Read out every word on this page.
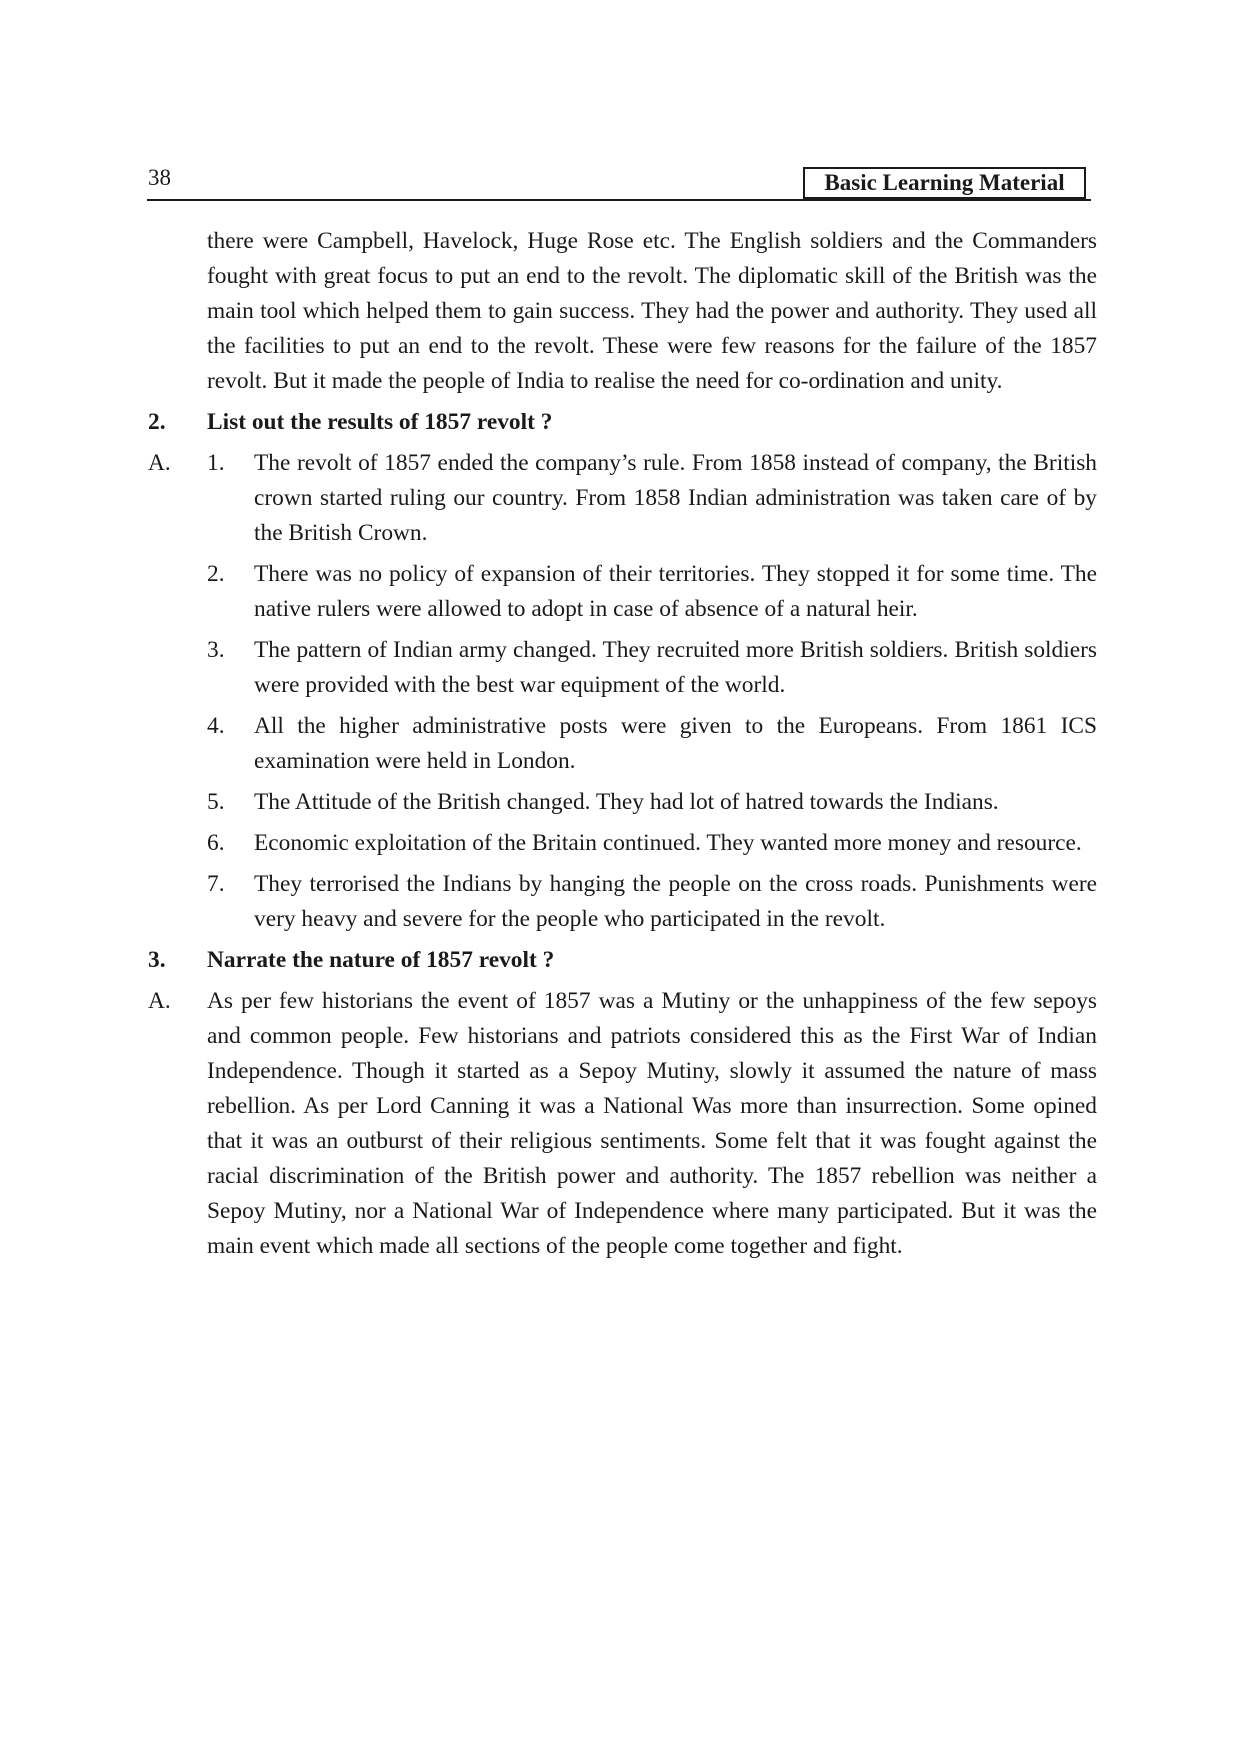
38	Basic Learning Material

there were Campbell, Havelock, Huge Rose etc. The English soldiers and the Commanders fought with great focus to put an end to the revolt. The diplomatic skill of the British was the main tool which helped them to gain success. They had the power and authority. They used all the facilities to put an end to the revolt. These were few reasons for the failure of the 1857 revolt. But it made the people of India to realise the need for co-ordination and unity.

2. List out the results of 1857 revolt ?
A. 1. The revolt of 1857 ended the company’s rule. From 1858 instead of company, the British crown started ruling our country. From 1858 Indian administration was taken care of by the British Crown.
2. There was no policy of expansion of their territories. They stopped it for some time. The native rulers were allowed to adopt in case of absence of a natural heir.
3. The pattern of Indian army changed. They recruited more British soldiers. British soldiers were provided with the best war equipment of the world.
4. All the higher administrative posts were given to the Europeans. From 1861 ICS examination were held in London.
5. The Attitude of the British changed. They had lot of hatred towards the Indians.
6. Economic exploitation of the Britain continued. They wanted more money and resource.
7. They terrorised the Indians by hanging the people on the cross roads. Punishments were very heavy and severe for the people who participated in the revolt.
3. Narrate the nature of 1857 revolt ?
A. As per few historians the event of 1857 was a Mutiny or the unhappiness of the few sepoys and common people. Few historians and patriots considered this as the First War of Indian Independence. Though it started as a Sepoy Mutiny, slowly it assumed the nature of mass rebellion. As per Lord Canning it was a National Was more than insurrection. Some opined that it was an outburst of their religious sentiments. Some felt that it was fought against the racial discrimination of the British power and authority. The 1857 rebellion was neither a Sepoy Mutiny, nor a National War of Independence where many participated. But it was the main event which made all sections of the people come together and fight.
